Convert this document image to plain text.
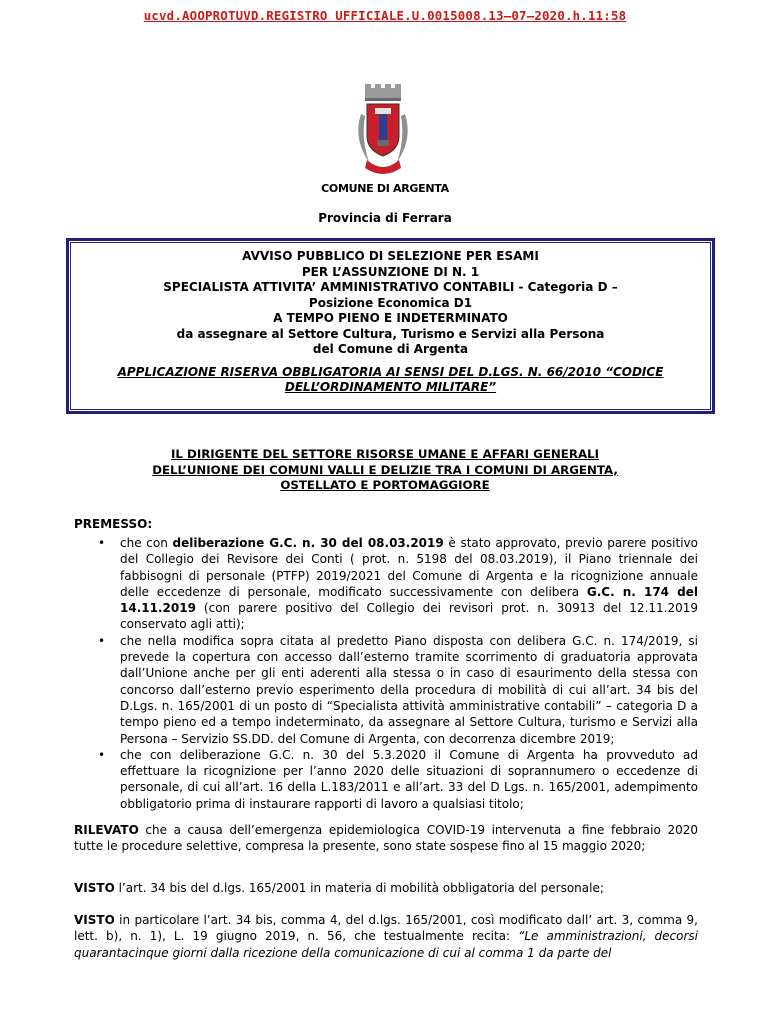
ucvd.AOOPROTUVD.REGISTRO UFFICIALE.U.0015008.13–07–2020.h.11:58
COMUNE DI ARGENTA
Provincia di Ferrara
AVVISO PUBBLICO DI SELEZIONE PER ESAMI
PER L’ASSUNZIONE DI N. 1
SPECIALISTA ATTIVITA’ AMMINISTRATIVO CONTABILI - Categoria D –
Posizione Economica D1
A TEMPO PIENO E INDETERMINATO
da assegnare al Settore Cultura, Turismo e Servizi alla Persona
del Comune di Argenta
APPLICAZIONE RISERVA OBBLIGATORIA AI SENSI DEL D.LGS. N. 66/2010 “CODICE
DELL’ORDINAMENTO MILITARE”
IL DIRIGENTE DEL SETTORE RISORSE UMANE E AFFARI GENERALI
DELL’UNIONE DEI COMUNI VALLI E DELIZIE TRA I COMUNI DI ARGENTA,
OSTELLATO E PORTOMAGGIORE
PREMESSO:
• che con deliberazione G.C. n. 30 del 08.03.2019 è stato approvato, previo parere positivo del Collegio dei Revisore dei Conti ( prot. n. 5198 del 08.03.2019), il Piano triennale dei fabbisogni di personale (PTFP) 2019/2021 del Comune di Argenta e la ricognizione annuale delle eccedenze di personale, modificato successivamente con delibera G.C. n. 174 del 14.11.2019 (con parere positivo del Collegio dei revisori prot. n. 30913 del 12.11.2019 conservato agli atti);
• che nella modifica sopra citata al predetto Piano disposta con delibera G.C. n. 174/2019, si prevede la copertura con accesso dall’esterno tramite scorrimento di graduatoria approvata dall’Unione anche per gli enti aderenti alla stessa o in caso di esaurimento della stessa con concorso dall’esterno previo esperimento della procedura di mobilità di cui all’art. 34 bis del D.Lgs. n. 165/2001 di un posto di “Specialista attività amministrative contabili” – categoria D a tempo pieno ed a tempo indeterminato, da assegnare al Settore Cultura, turismo e Servizi alla Persona – Servizio SS.DD. del Comune di Argenta, con decorrenza dicembre 2019;
• che con deliberazione G.C. n. 30 del 5.3.2020 il Comune di Argenta ha provveduto ad effettuare la ricognizione per l’anno 2020 delle situazioni di soprannumero o eccedenze di personale, di cui all’art. 16 della L.183/2011 e all’art. 33 del D Lgs. n. 165/2001, adempimento obbligatorio prima di instaurare rapporti di lavoro a qualsiasi titolo;
RILEVATO che a causa dell’emergenza epidemiologica COVID-19 intervenuta a fine febbraio 2020 tutte le procedure selettive, compresa la presente, sono state sospese fino al 15 maggio 2020;
VISTO l’art. 34 bis del d.lgs. 165/2001 in materia di mobilità obbligatoria del personale;
VISTO in particolare l’art. 34 bis, comma 4, del d.lgs. 165/2001, così modificato dall’ art. 3, comma 9, lett. b), n. 1), L. 19 giugno 2019, n. 56, che testualmente recita: “Le amministrazioni, decorsi quarantacinque giorni dalla ricezione della comunicazione di cui al comma 1 da parte del
